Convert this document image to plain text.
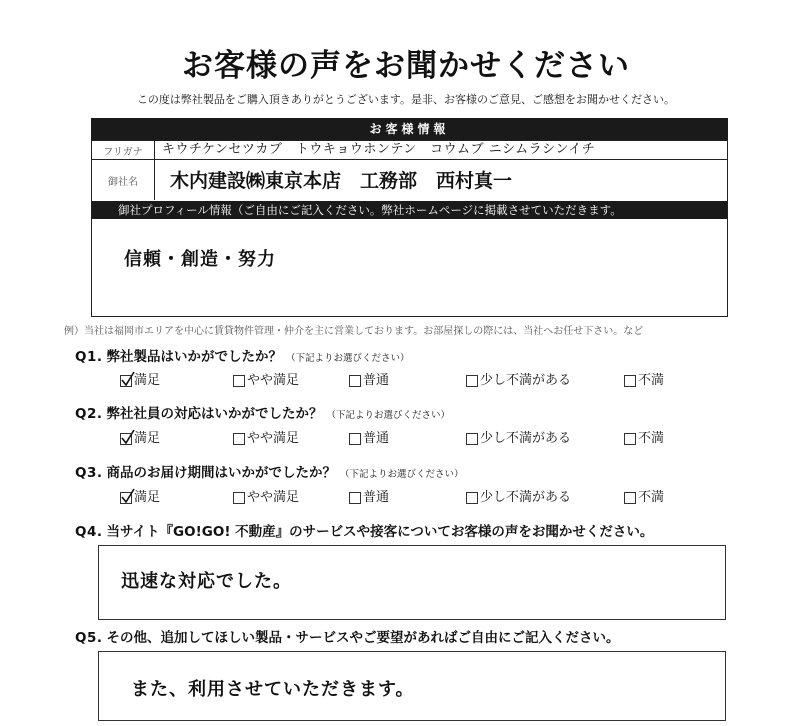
お客様の声をお聞かせください
この度は弊社製品をご購入頂きありがとうございます。是非、お客様のご意見、ご感想をお聞かせください。
お客様情報
フリガナ	キウチケンセツカブ　トウキョウホンテン　コウムブ ニシムラシンイチ
御社名	木内建設㈱東京本店　工務部　西村真一
御社プロフィール情報（ご自由にご記入ください。弊社ホームページに掲載させていただきます。
信頼・創造・努力
例）当社は福岡市エリアを中心に賃貸物件管理・仲介を主に営業しております。お部屋探しの際には、当社へお任せ下さい。など
Q1. 弊社製品はいかがでしたか？ （下記よりお選びください）
満足	やや満足	普通	少し不満がある	不満
Q2. 弊社社員の対応はいかがでしたか？ （下記よりお選びください）
満足	やや満足	普通	少し不満がある	不満
Q3. 商品のお届け期間はいかがでしたか？ （下記よりお選びください）
満足	やや満足	普通	少し不満がある	不満
Q4. 当サイト『GO!GO! 不動産』のサービスや接客についてお客様の声をお聞かせください。
迅速な対応でした。
Q5. その他、追加してほしい製品・サービスやご要望があればご自由にご記入ください。
また、利用させていただきます。
